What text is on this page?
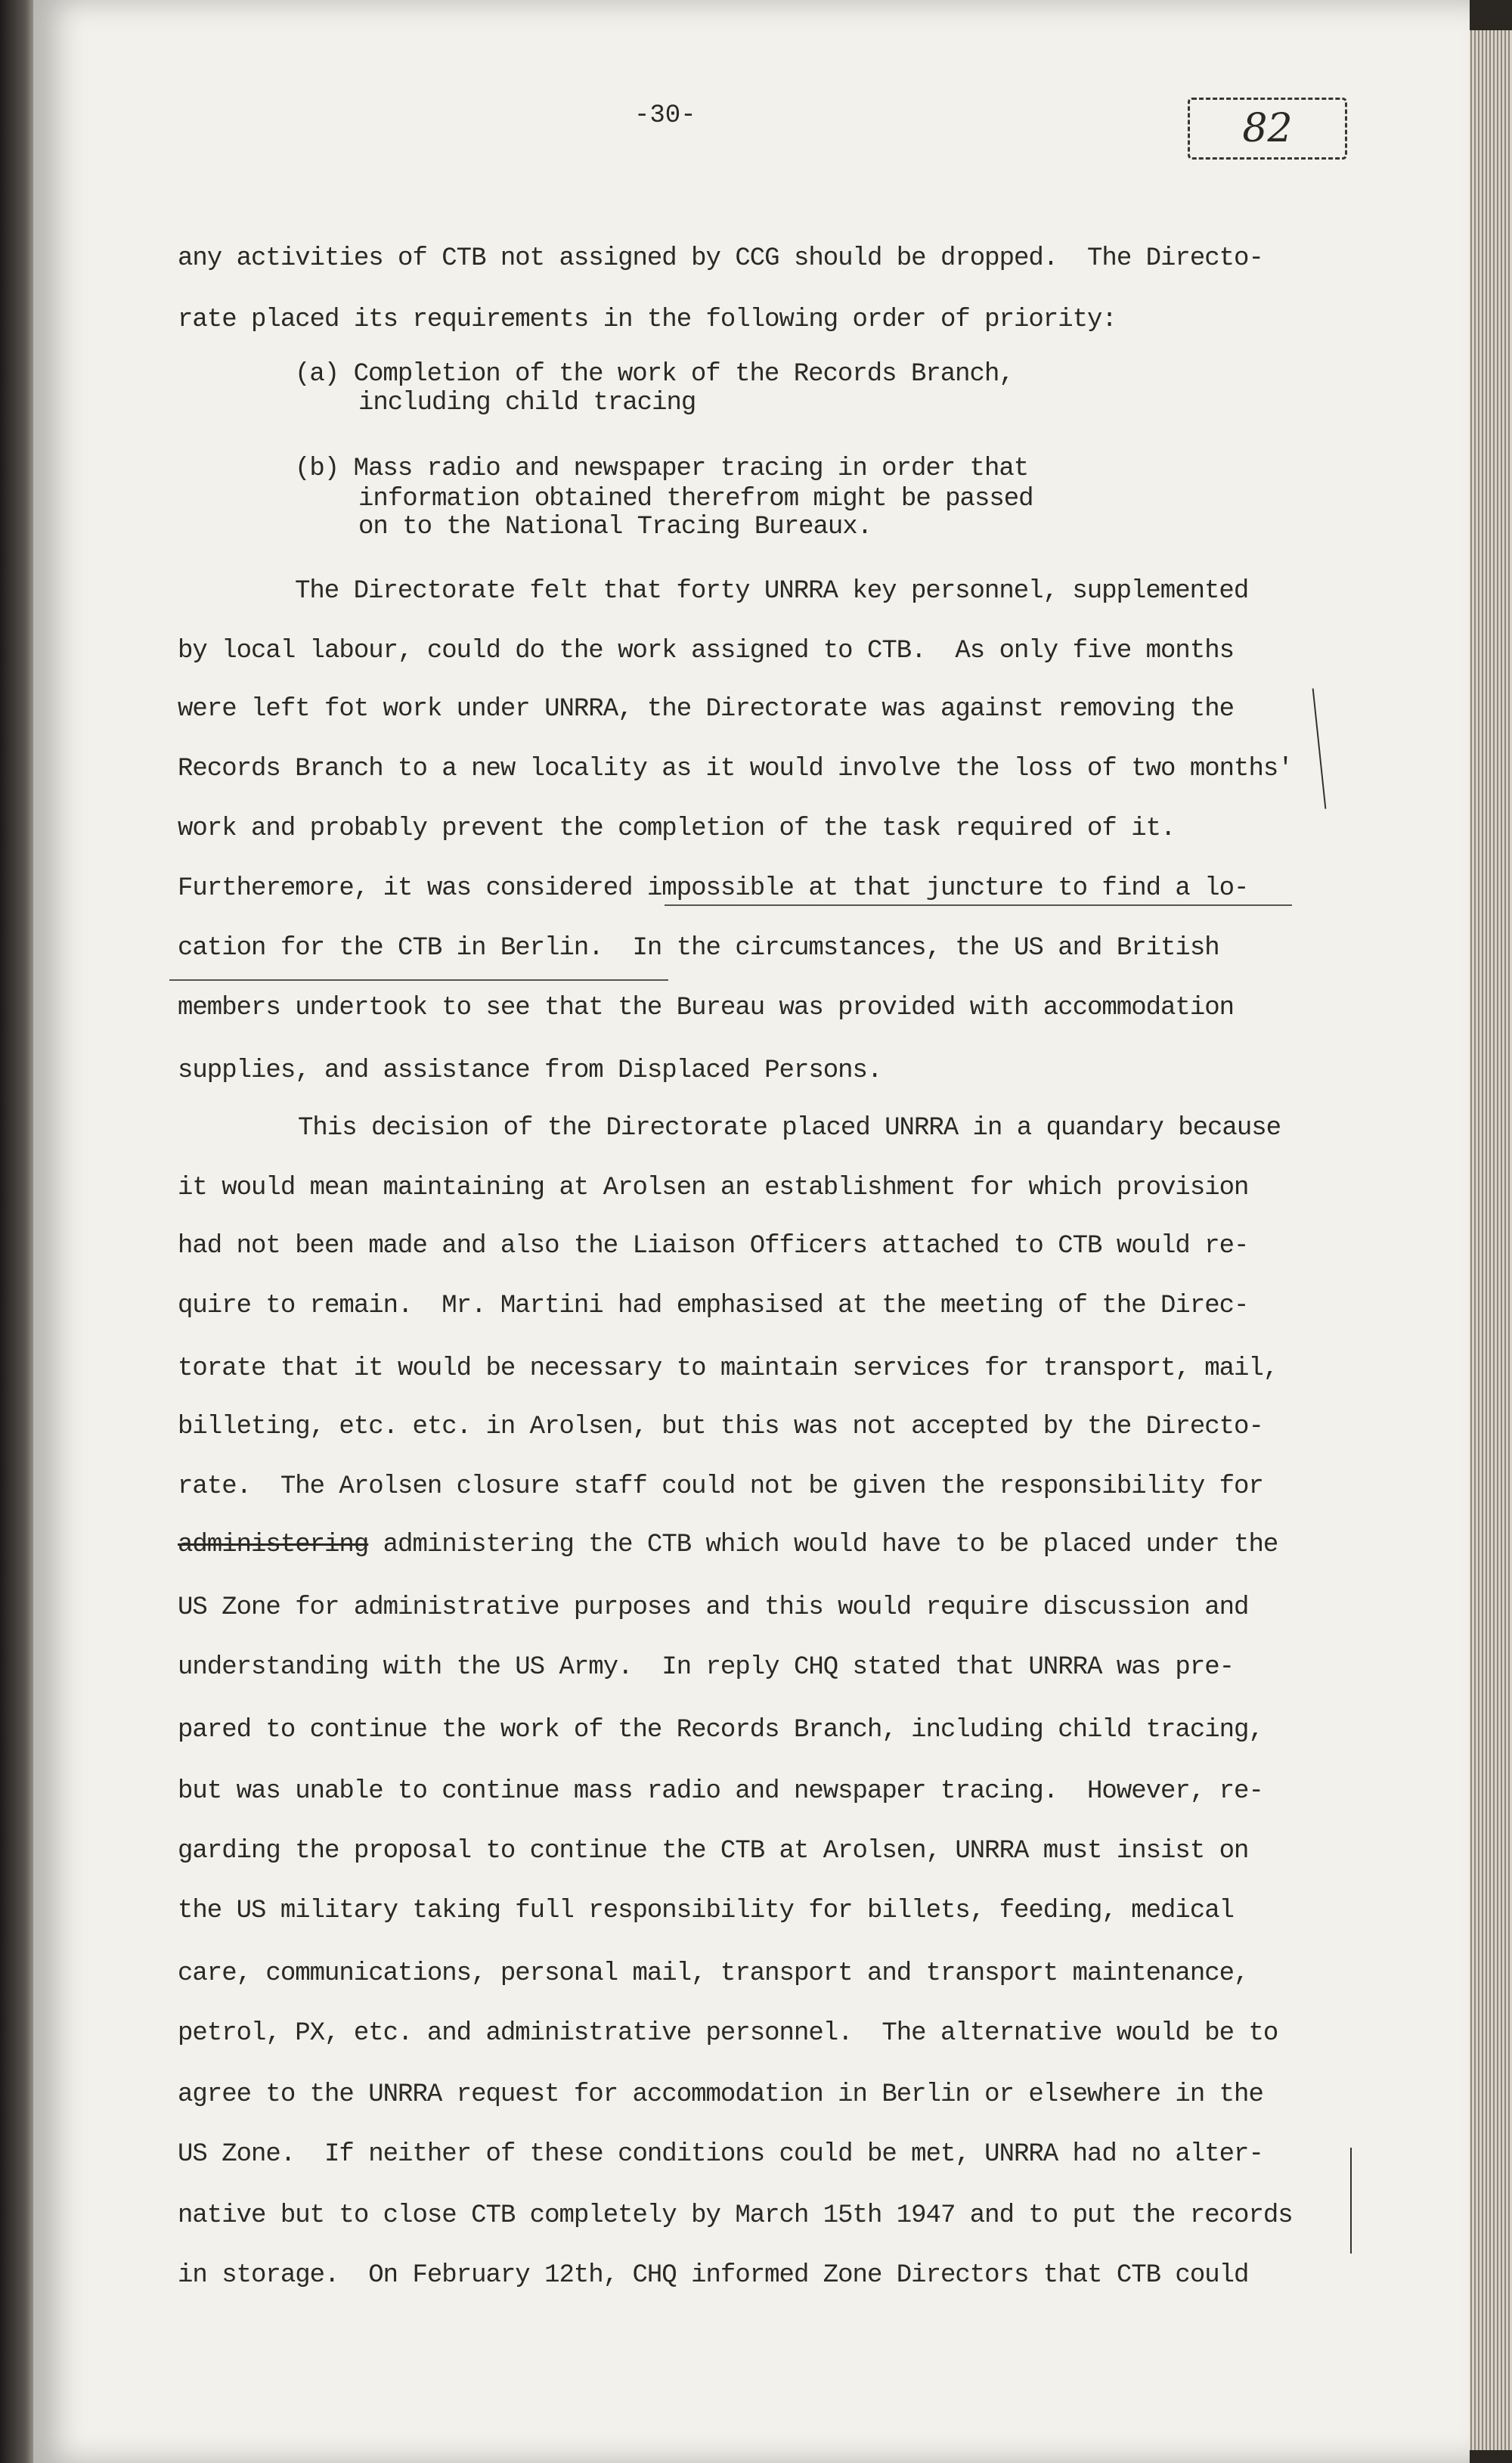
-30-	82
any activities of CTB not assigned by CCG should be dropped.  The Directo-
rate placed its requirements in the following order of priority:
(a) Completion of the work of the Records Branch,
including child tracing
(b) Mass radio and newspaper tracing in order that
information obtained therefrom might be passed
on to the National Tracing Bureaux.
The Directorate felt that forty UNRRA key personnel, supplemented
by local labour, could do the work assigned to CTB.  As only five months
were left fot work under UNRRA, the Directorate was against removing the
Records Branch to a new locality as it would involve the loss of two months'
work and probably prevent the completion of the task required of it.
Furtheremore, it was considered impossible at that juncture to find a lo-
cation for the CTB in Berlin.  In the circumstances, the US and British
members undertook to see that the Bureau was provided with accommodation
supplies, and assistance from Displaced Persons.
This decision of the Directorate placed UNRRA in a quandary because
it would mean maintaining at Arolsen an establishment for which provision
had not been made and also the Liaison Officers attached to CTB would re-
quire to remain.  Mr. Martini had emphasised at the meeting of the Direc-
torate that it would be necessary to maintain services for transport, mail,
billeting, etc. etc. in Arolsen, but this was not accepted by the Directo-
rate.  The Arolsen closure staff could not be given the responsibility for
administering administering the CTB which would have to be placed under the
US Zone for administrative purposes and this would require discussion and
understanding with the US Army.  In reply CHQ stated that UNRRA was pre-
pared to continue the work of the Records Branch, including child tracing,
but was unable to continue mass radio and newspaper tracing.  However, re-
garding the proposal to continue the CTB at Arolsen, UNRRA must insist on
the US military taking full responsibility for billets, feeding, medical
care, communications, personal mail, transport and transport maintenance,
petrol, PX, etc. and administrative personnel.  The alternative would be to
agree to the UNRRA request for accommodation in Berlin or elsewhere in the
US Zone.  If neither of these conditions could be met, UNRRA had no alter-
native but to close CTB completely by March 15th 1947 and to put the records
in storage.  On February 12th, CHQ informed Zone Directors that CTB could
